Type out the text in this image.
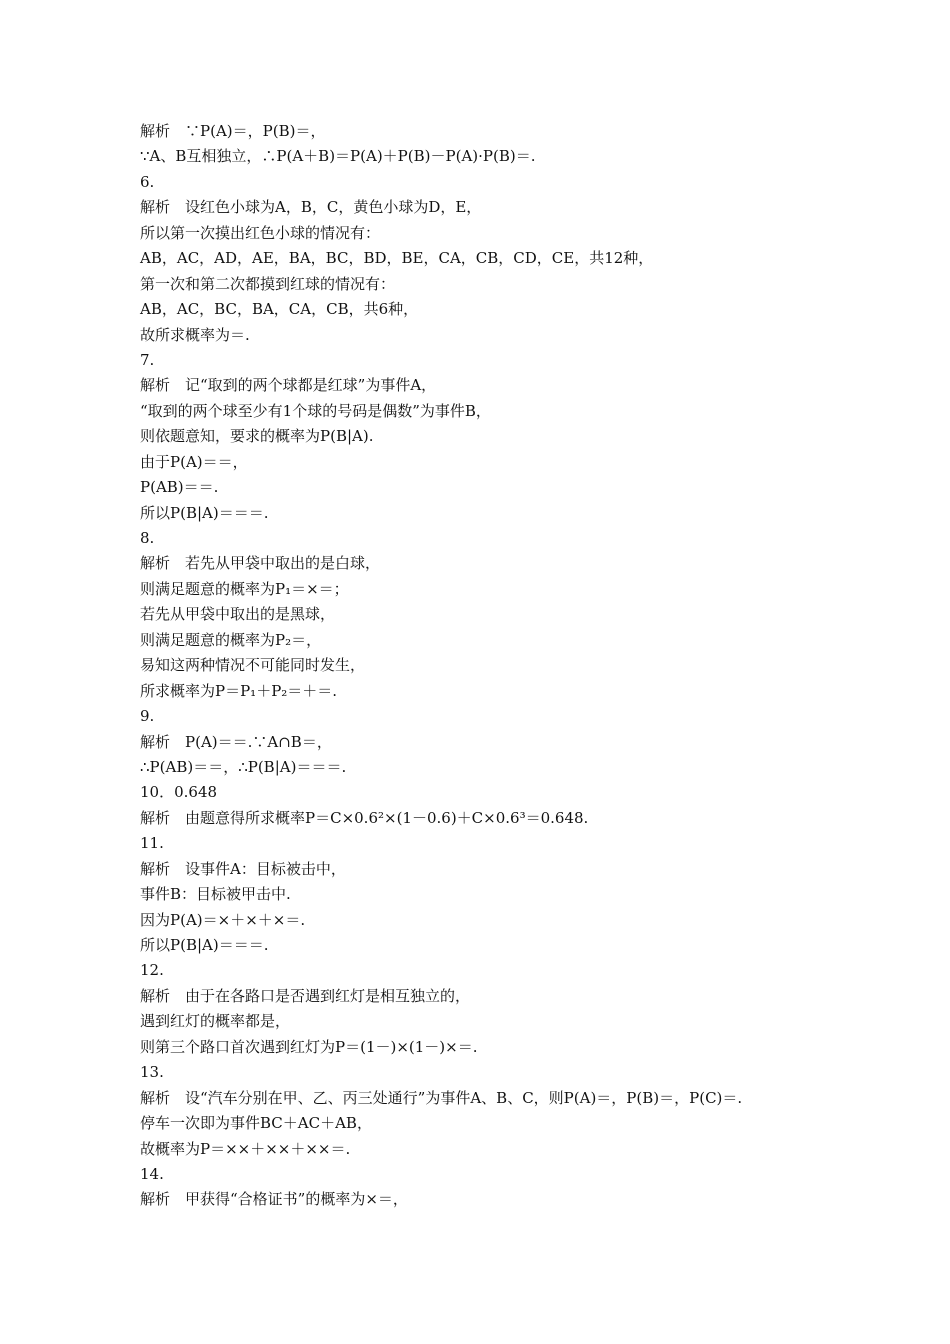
解析　∵P(A)＝，P(B)＝，
∵A、B互相独立，∴P(A＋B)＝P(A)＋P(B)－P(A)·P(B)＝.
6.
解析　设红色小球为A，B，C，黄色小球为D，E，
所以第一次摸出红色小球的情况有：
AB，AC，AD，AE，BA，BC，BD，BE，CA，CB，CD，CE，共12种，
第一次和第二次都摸到红球的情况有：
AB，AC，BC，BA，CA，CB，共6种，
故所求概率为＝.
7.
解析　记“取到的两个球都是红球”为事件A，
“取到的两个球至少有1个球的号码是偶数”为事件B，
则依题意知，要求的概率为P(B|A).
由于P(A)＝＝，
P(AB)＝＝.
所以P(B|A)＝＝＝.
8.
解析　若先从甲袋中取出的是白球，
则满足题意的概率为P₁＝×＝；
若先从甲袋中取出的是黑球，
则满足题意的概率为P₂＝，
易知这两种情况不可能同时发生，
所求概率为P＝P₁＋P₂＝＋＝.
9.
解析　P(A)＝＝.∵A∩B＝，
∴P(AB)＝＝，∴P(B|A)＝＝＝.
10．0.648
解析　由题意得所求概率P＝C×0.6²×(1－0.6)＋C×0.6³＝0.648.
11.
解析　设事件A：目标被击中，
事件B：目标被甲击中.
因为P(A)＝×＋×＋×＝.
所以P(B|A)＝＝＝.
12.
解析　由于在各路口是否遇到红灯是相互独立的，
遇到红灯的概率都是，
则第三个路口首次遇到红灯为P＝(1－)×(1－)×＝.
13.
解析　设“汽车分别在甲、乙、丙三处通行”为事件A、B、C，则P(A)＝，P(B)＝，P(C)＝.
停车一次即为事件BC＋AC＋AB，
故概率为P＝××＋××＋××＝.
14.
解析　甲获得“合格证书”的概率为×＝，
